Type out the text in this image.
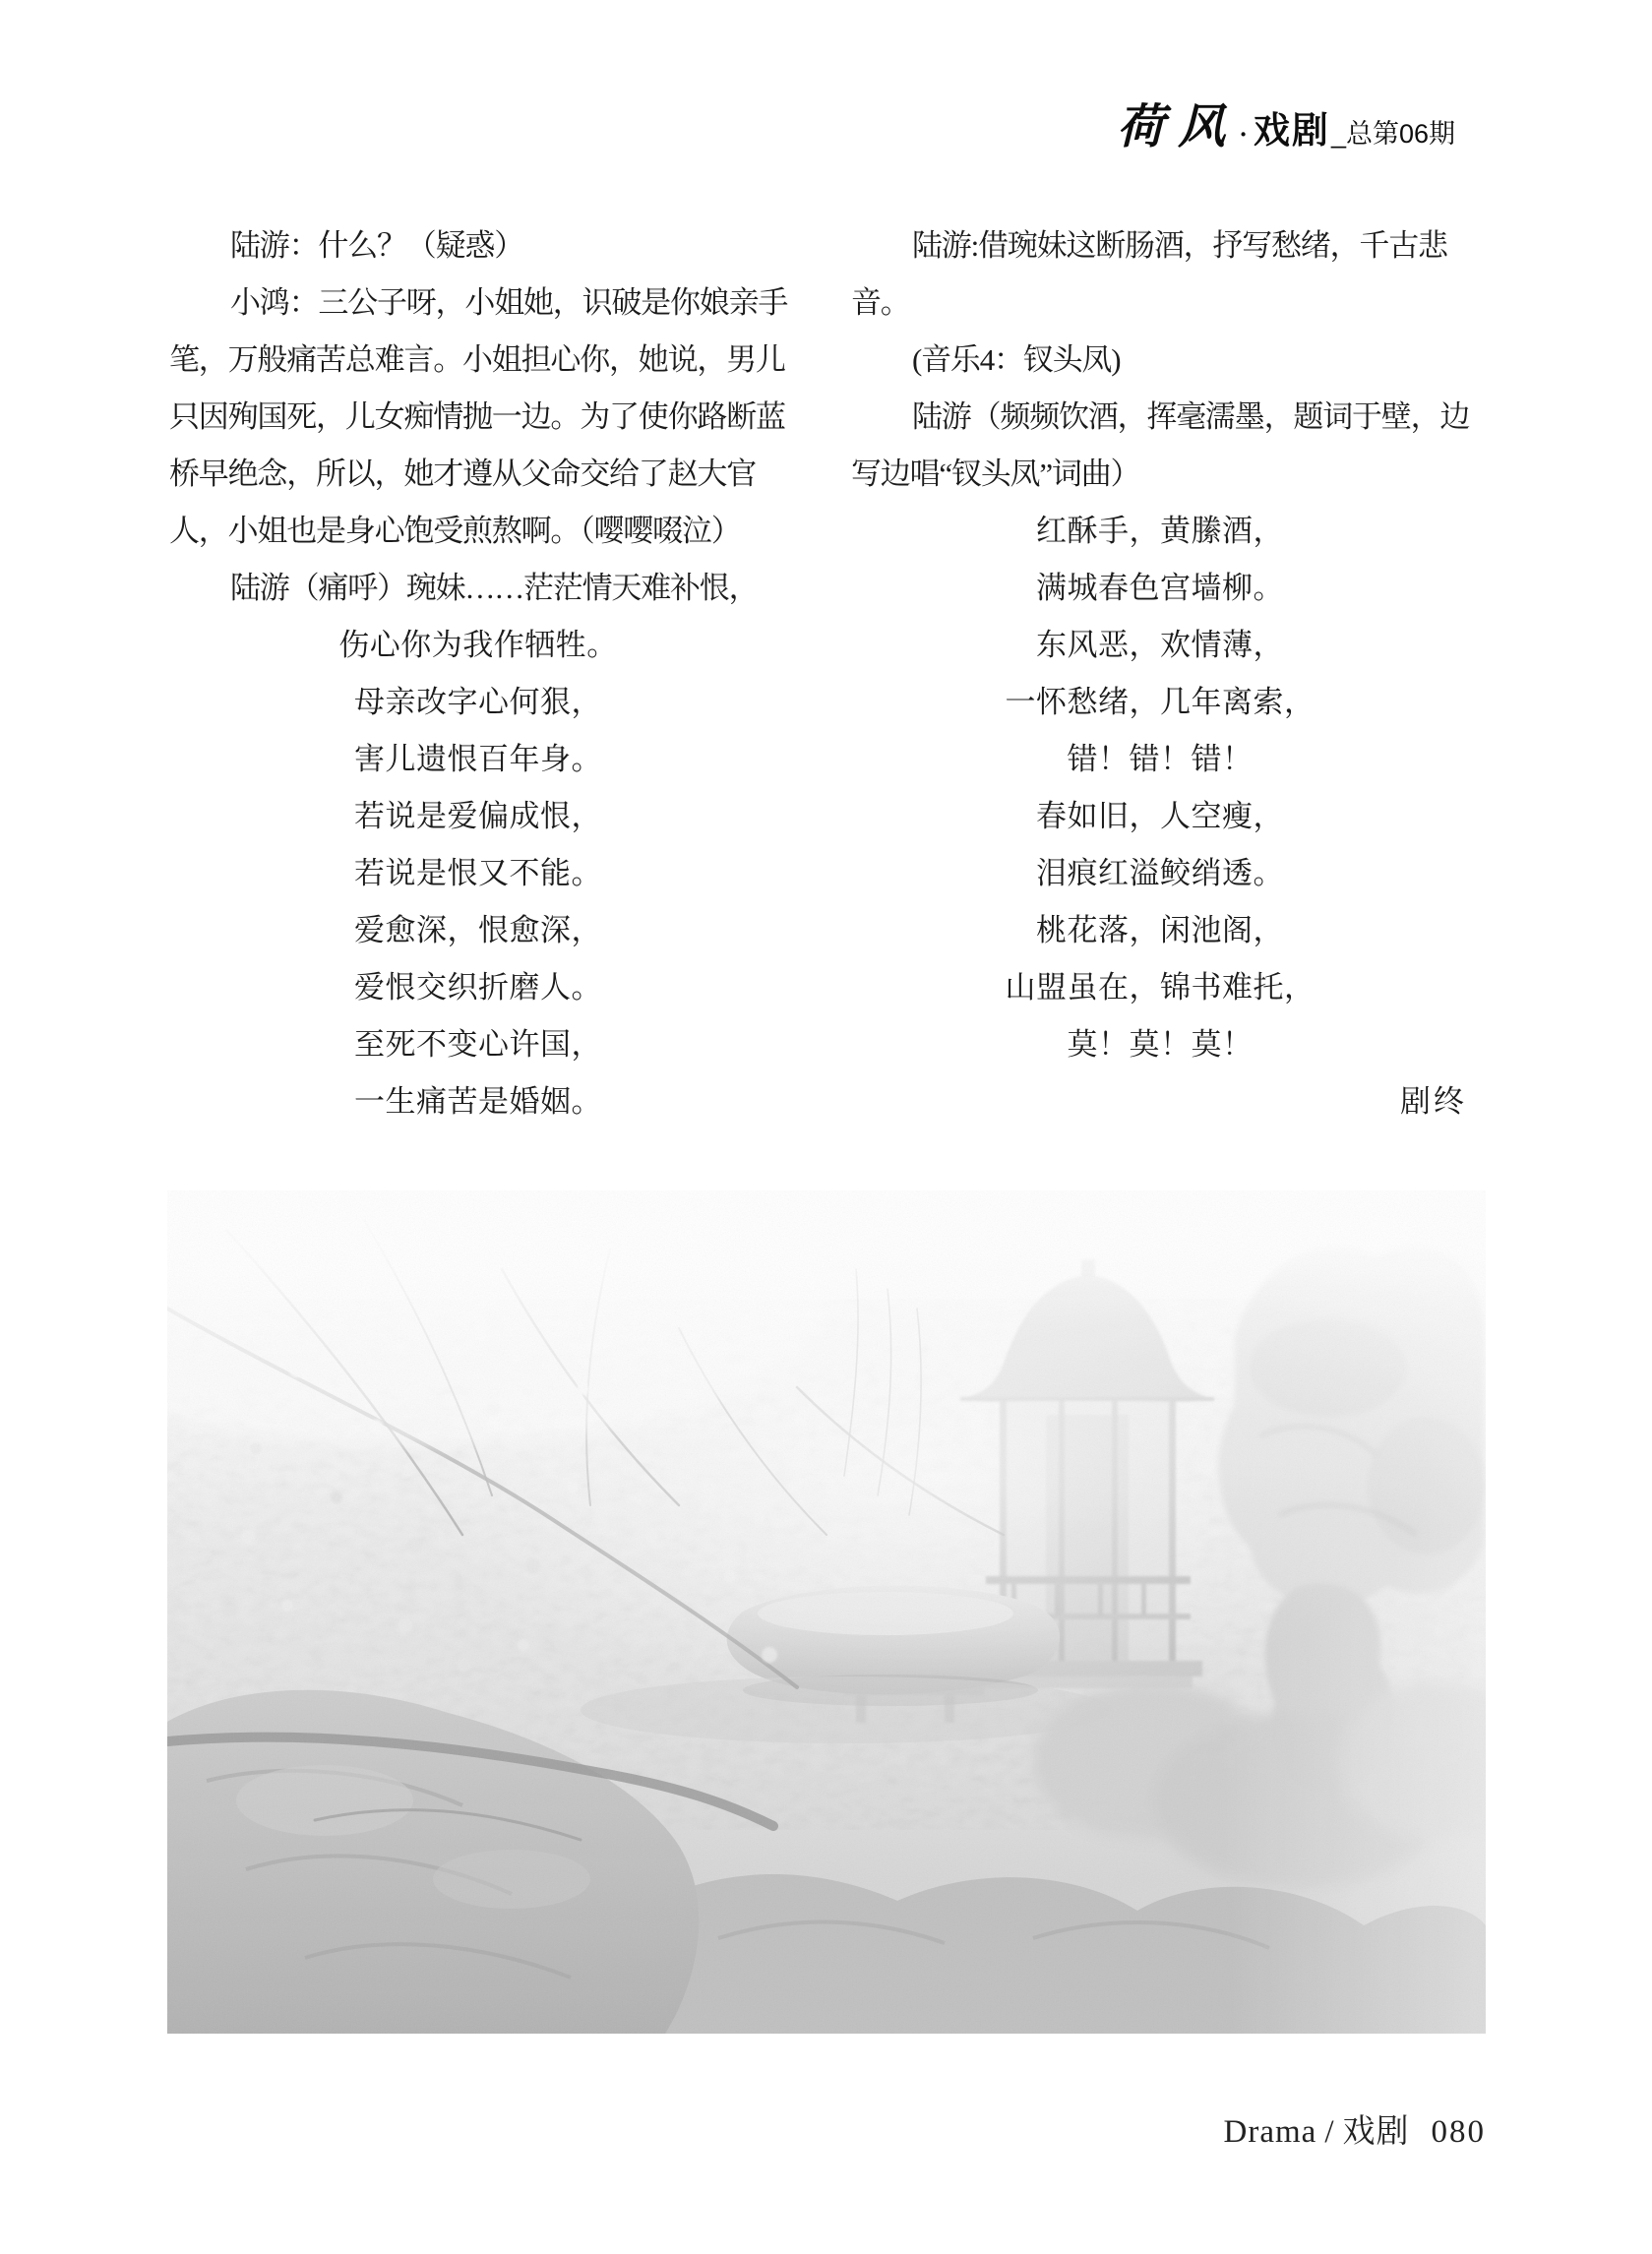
荷风 · 戏剧 _总第06期
陆游：什么？（疑惑）
小鸿：三公子呀，小姐她，识破是你娘亲手
笔，万般痛苦总难言。小姐担心你，她说，男儿
只因殉国死，儿女痴情抛一边。为了使你路断蓝
桥早绝念，所以，她才遵从父命交给了赵大官
人，小姐也是身心饱受煎熬啊。（嘤嘤啜泣）
陆游（痛呼）琬妹……茫茫情天难补恨，
伤心你为我作牺牲。
母亲改字心何狠，
害儿遗恨百年身。
若说是爱偏成恨，
若说是恨又不能。
爱愈深，恨愈深，
爱恨交织折磨人。
至死不变心许国，
一生痛苦是婚姻。
陆游:借琬妹这断肠酒，抒写愁绪，千古悲
音。
(音乐4：钗头凤)
陆游（频频饮酒，挥毫濡墨，题词于壁，边
写边唱“钗头凤”词曲）
红酥手，黄縢酒，
满城春色宫墙柳。
东风恶，欢情薄，
一怀愁绪，几年离索，
错！错！错！
春如旧，人空瘦，
泪痕红溢鲛绡透。
桃花落，闲池阁，
山盟虽在，锦书难托，
莫！莫！莫！
剧终
Drama / 戏剧 080
